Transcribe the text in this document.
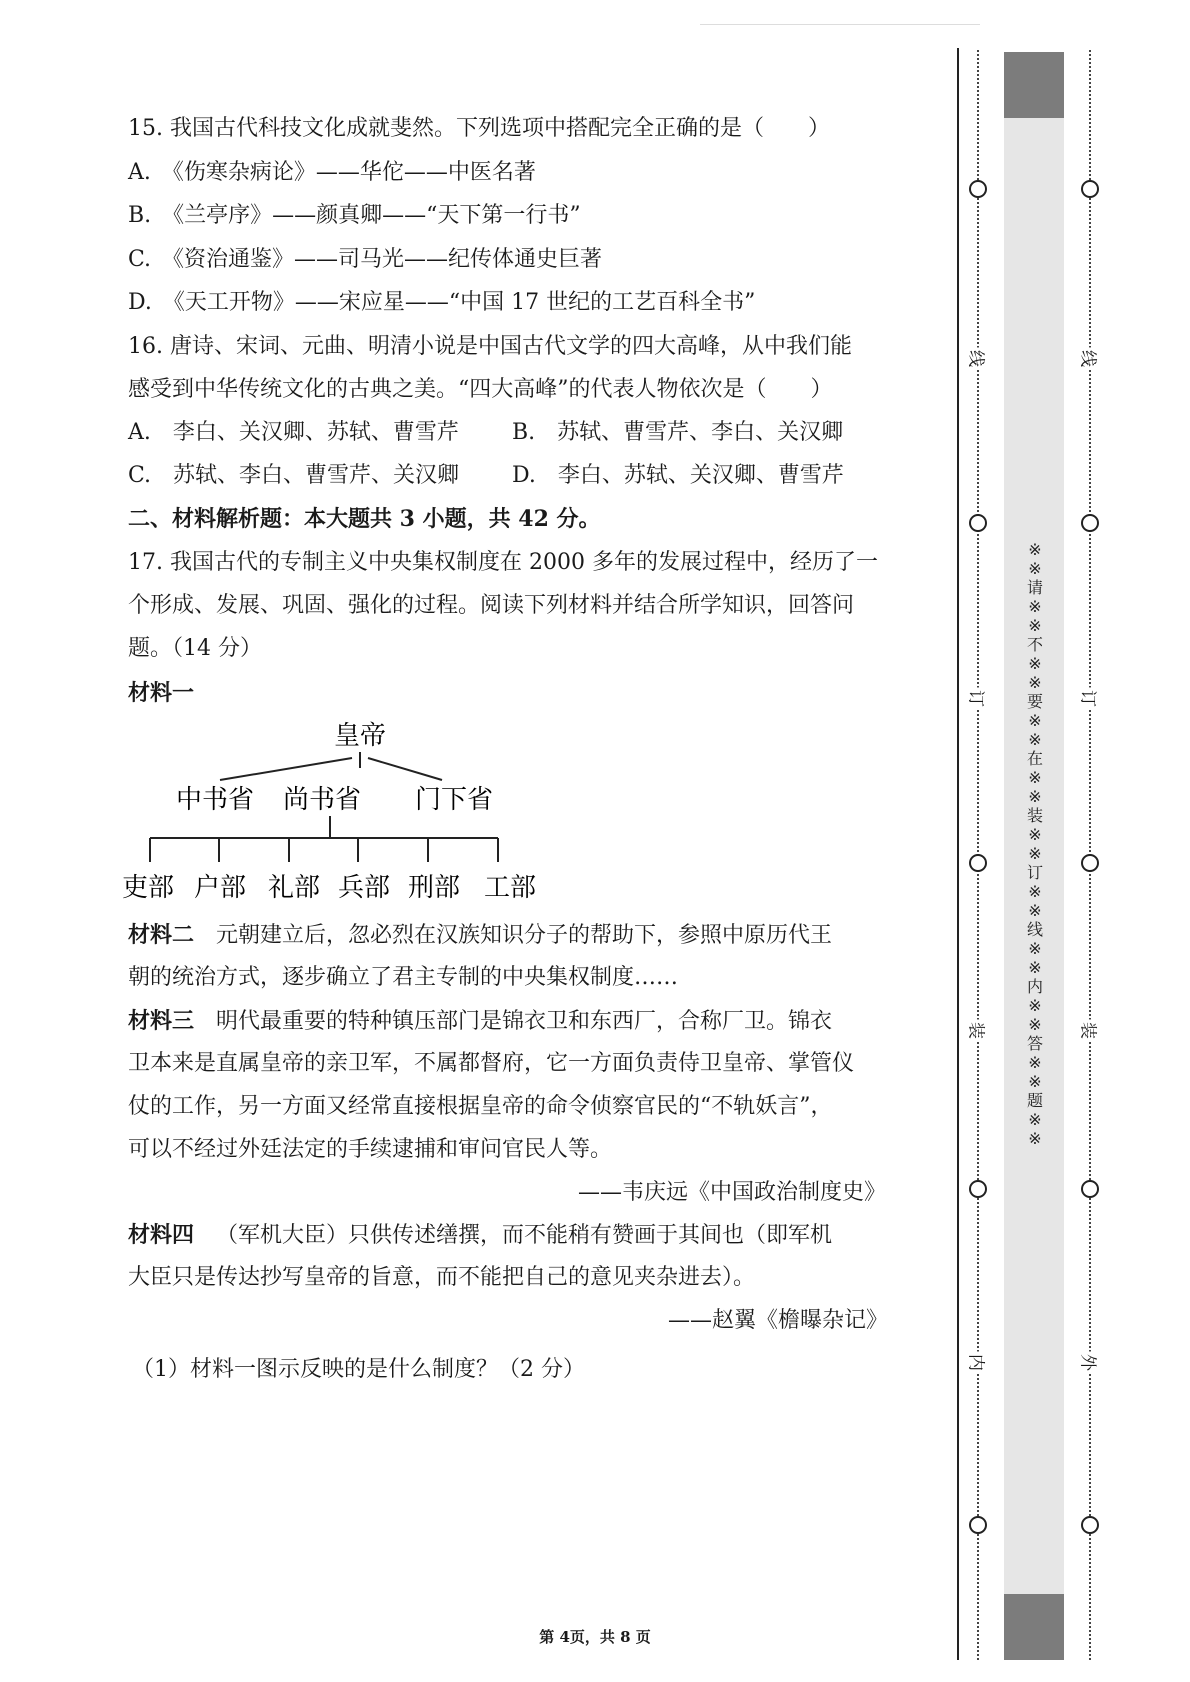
15. 我国古代科技文化成就斐然。下列选项中搭配完全正确的是（　　）
A.　《伤寒杂病论》——华佗——中医名著
B.　《兰亭序》——颜真卿——“天下第一行书”
C.　《资治通鉴》——司马光——纪传体通史巨著
D.　《天工开物》——宋应星——“中国 17 世纪的工艺百科全书”
16. 唐诗、宋词、元曲、明清小说是中国古代文学的四大高峰，从中我们能
感受到中华传统文化的古典之美。“四大高峰”的代表人物依次是（　　）
A.　李白、关汉卿、苏轼、曹雪芹 B.　苏轼、曹雪芹、李白、关汉卿
C.　苏轼、李白、曹雪芹、关汉卿 D.　李白、苏轼、关汉卿、曹雪芹
二、材料解析题：本大题共 3 小题，共 42 分。
17. 我国古代的专制主义中央集权制度在 2000 多年的发展过程中，经历了一
个形成、发展、巩固、强化的过程。阅读下列材料并结合所学知识，回答问
题。（14 分）
材料一
皇帝
中书省 尚书省 门下省
吏部 户部 礼部 兵部 刑部 工部
材料二 元朝建立后，忽必烈在汉族知识分子的帮助下，参照中原历代王
朝的统治方式，逐步确立了君主专制的中央集权制度……
材料三 明代最重要的特种镇压部门是锦衣卫和东西厂，合称厂卫。锦衣
卫本来是直属皇帝的亲卫军，不属都督府，它一方面负责侍卫皇帝、掌管仪
仗的工作，另一方面又经常直接根据皇帝的命令侦察官民的“不轨妖言”，
可以不经过外廷法定的手续逮捕和审问官民人等。
——韦庆远《中国政治制度史》
材料四 （军机大臣）只供传述缮撰，而不能稍有赞画于其间也（即军机
大臣只是传达抄写皇帝的旨意，而不能把自己的意见夹杂进去）。
——赵翼《檐曝杂记》
（1）材料一图示反映的是什么制度？（2 分）
第 4页，共 8 页
※※请※※不※※要※※在※※装※※订※※线※※内※※答※※题※※
线
订
装
内
线
订
装
外
